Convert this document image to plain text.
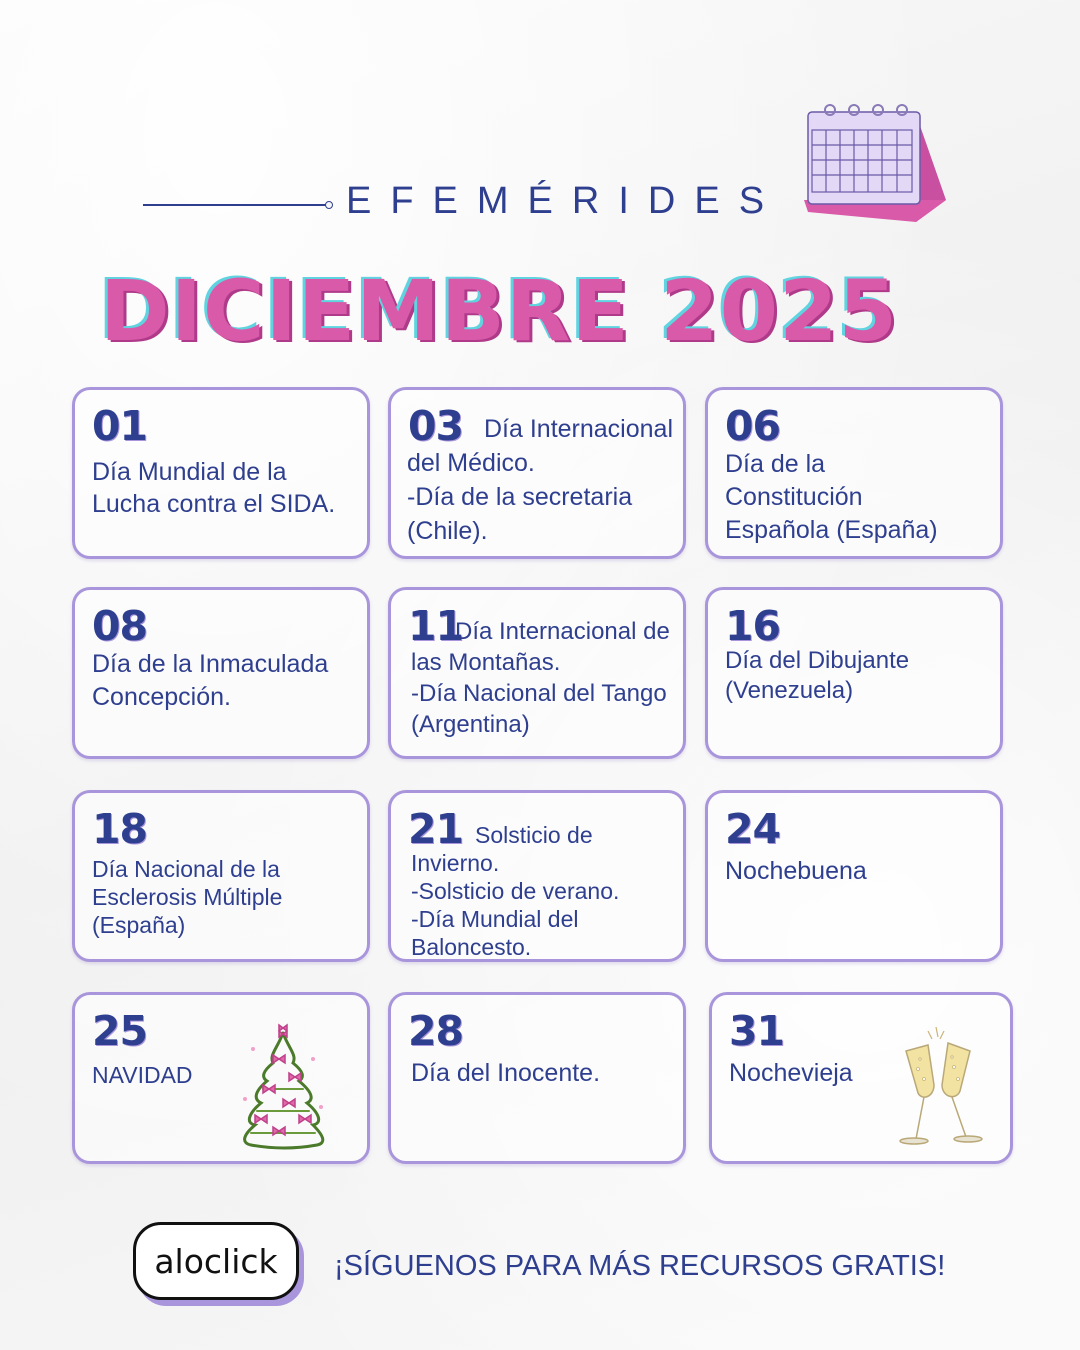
EFEMÉRIDES
DICIEMBRE 2025
01
Día Mundial de la Lucha contra el SIDA.
03 Día Internacional del Médico.
-Día de la secretaria (Chile).
06
Día de la Constitución Española (España)
08
Día de la Inmaculada Concepción.
11
Día Internacional de las Montañas.
-Día Nacional del Tango (Argentina)
16
Día del Dibujante (Venezuela)
18
Día Nacional de la Esclerosis Múltiple (España)
21 Solsticio de Invierno.
-Solsticio de verano.
-Día Mundial del Baloncesto.
24
Nochebuena
25
NAVIDAD
28
Día del Inocente.
31
Nochevieja
aloclick	¡SÍGUENOS PARA MÁS RECURSOS GRATIS!
